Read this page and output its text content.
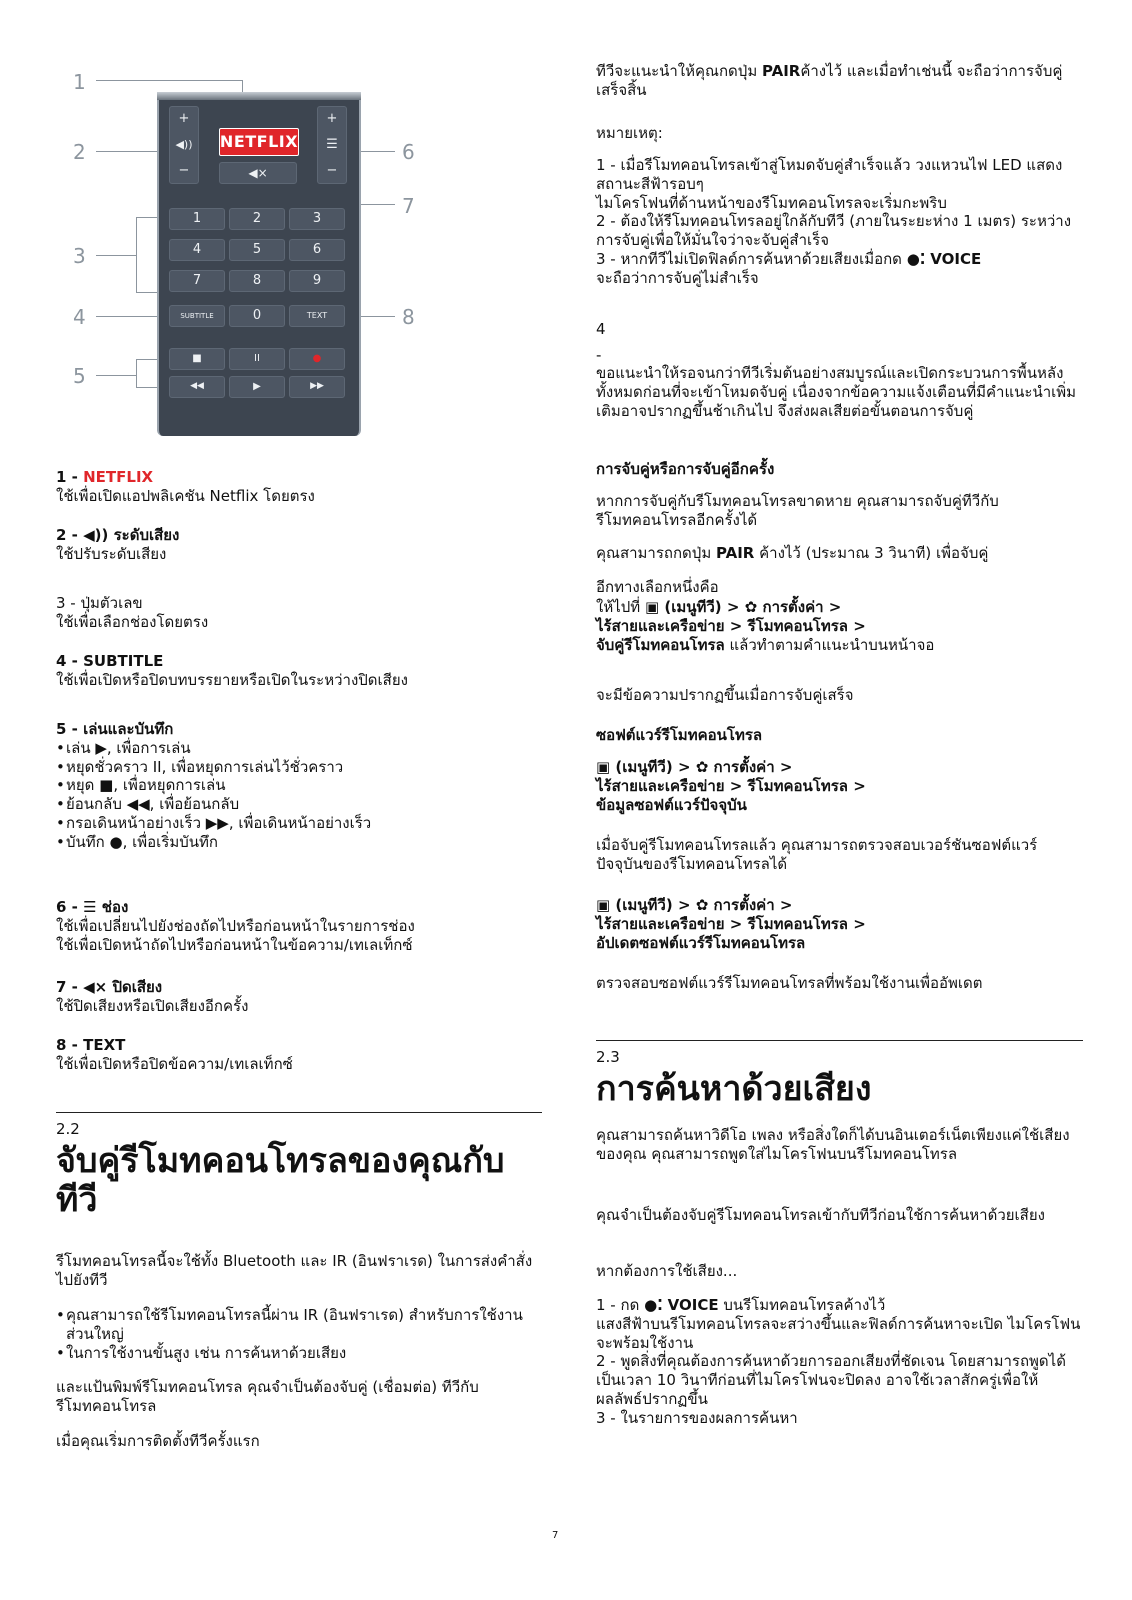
1
2
3
4
5
6
7
8
+
◀))
−
NETFLIX
◀×
+
☰
−
1	2	3
4	5	6
7	8	9
SUBTITLE	0	TEXT
■	II	●
◀◀	▶	▶▶

1 - NETFLIX

ใช้เพื่อเปิดแอปพลิเคชัน Netflix โดยตรง

2 - ◀)) ระดับเสียง

ใช้ปรับระดับเสียง

3 - ปุ่มตัวเลข

ใช้เพื่อเลือกช่องโดยตรง

4 - SUBTITLE

ใช้เพื่อเปิดหรือปิดบทบรรยายหรือเปิดในระหว่างปิดเสียง

5 - เล่นและบันทึก

• เล่น ▶, เพื่อการเล่น
• หยุดชั่วคราว II, เพื่อหยุดการเล่นไว้ชั่วคราว
• หยุด ■, เพื่อหยุดการเล่น
• ย้อนกลับ ◀◀, เพื่อย้อนกลับ
• กรอเดินหน้าอย่างเร็ว ▶▶, เพื่อเดินหน้าอย่างเร็ว
• บันทึก ●, เพื่อเริ่มบันทึก

6 - ☰ ช่อง

ใช้เพื่อเปลี่ยนไปยังช่องถัดไปหรือก่อนหน้าในรายการช่อง

ใช้เพื่อเปิดหน้าถัดไปหรือก่อนหน้าในข้อความ/เทเลเท็กซ์

7 - ◀× ปิดเสียง

ใช้ปิดเสียงหรือเปิดเสียงอีกครั้ง

8 - TEXT

ใช้เพื่อเปิดหรือปิดข้อความ/เทเลเท็กซ์

2.2
จับคู่รีโมทคอนโทรลของคุณกับทีวี
รีโมทคอนโทรลนี้จะใช้ทั้ง Bluetooth และ IR (อินฟราเรด) ในการส่งคำสั่งไปยังทีวี
• คุณสามารถใช้รีโมทคอนโทรลนี้ผ่าน IR (อินฟราเรด) สำหรับการใช้งานส่วนใหญ่
• ในการใช้งานขั้นสูง เช่น การค้นหาด้วยเสียง
และแป้นพิมพ์รีโมทคอนโทรล คุณจำเป็นต้องจับคู่ (เชื่อมต่อ) ทีวีกับรีโมทคอนโทรล
เมื่อคุณเริ่มการติดตั้งทีวีครั้งแรก
ทีวีจะแนะนำให้คุณกดปุ่ม PAIRค้างไว้ และเมื่อทำเช่นนี้ จะถือว่าการจับคู่เสร็จสิ้น
หมายเหตุ:

1 - เมื่อรีโมทคอนโทรลเข้าสู่โหมดจับคู่สำเร็จแล้ว วงแหวนไฟ LED แสดงสถานะสีฟ้ารอบๆ

ไมโครโฟนที่ด้านหน้าของรีโมทคอนโทรลจะเริ่มกะพริบ

2 - ต้องให้รีโมทคอนโทรลอยู่ใกล้กับทีวี (ภายในระยะห่าง 1 เมตร) ระหว่างการจับคู่เพื่อให้มั่นใจว่าจะจับคู่สำเร็จ

3 - หากทีวีไม่เปิดฟิลด์การค้นหาด้วยเสียงเมื่อกด ●⁚ VOICE

จะถือว่าการจับคู่ไม่สำเร็จ

4
-
ขอแนะนำให้รอจนกว่าทีวีเริ่มต้นอย่างสมบูรณ์และเปิดกระบวนการพื้นหลังทั้งหมดก่อนที่จะเข้าโหมดจับคู่ เนื่องจากข้อความแจ้งเตือนที่มีคำแนะนำเพิ่มเติมอาจปรากฏขึ้นช้าเกินไป จึงส่งผลเสียต่อขั้นตอนการจับคู่
การจับคู่หรือการจับคู่อีกครั้ง
หากการจับคู่กับรีโมทคอนโทรลขาดหาย คุณสามารถจับคู่ทีวีกับรีโมทคอนโทรลอีกครั้งได้
คุณสามารถกดปุ่ม PAIR ค้างไว้ (ประมาณ 3 วินาที) เพื่อจับคู่
อีกทางเลือกหนึ่งคือ

ให้ไปที่ ▣ (เมนูทีวี) > ✿ การตั้งค่า >

ไร้สายและเครือข่าย > รีโมทคอนโทรล >

จับคู่รีโมทคอนโทรล แล้วทำตามคำแนะนำบนหน้าจอ

จะมีข้อความปรากฏขึ้นเมื่อการจับคู่เสร็จ
ซอฟต์แวร์รีโมทคอนโทรล

▣ (เมนูทีวี) > ✿ การตั้งค่า >

ไร้สายและเครือข่าย > รีโมทคอนโทรล >

ข้อมูลซอฟต์แวร์ปัจจุบัน

เมื่อจับคู่รีโมทคอนโทรลแล้ว คุณสามารถตรวจสอบเวอร์ชันซอฟต์แวร์ปัจจุบันของรีโมทคอนโทรลได้

▣ (เมนูทีวี) > ✿ การตั้งค่า >

ไร้สายและเครือข่าย > รีโมทคอนโทรล >

อัปเดตซอฟต์แวร์รีโมทคอนโทรล

ตรวจสอบซอฟต์แวร์รีโมทคอนโทรลที่พร้อมใช้งานเพื่ออัพเดต
2.3
การค้นหาด้วยเสียง
คุณสามารถค้นหาวิดีโอ เพลง หรือสิ่งใดก็ได้บนอินเตอร์เน็ตเพียงแค่ใช้เสียงของคุณ คุณสามารถพูดใส่ไมโครโฟนบนรีโมทคอนโทรล
คุณจำเป็นต้องจับคู่รีโมทคอนโทรลเข้ากับทีวีก่อนใช้การค้นหาด้วยเสียง
หากต้องการใช้เสียง...

1 - กด ●⁚ VOICE บนรีโมทคอนโทรลค้างไว้

แสงสีฟ้าบนรีโมทคอนโทรลจะสว่างขึ้นและฟิลด์การค้นหาจะเปิด ไมโครโฟนจะพร้อมใช้งาน

2 - พูดสิ่งที่คุณต้องการค้นหาด้วยการออกเสียงที่ชัดเจน โดยสามารถพูดได้เป็นเวลา 10 วินาทีก่อนที่ไมโครโฟนจะปิดลง อาจใช้เวลาสักครู่เพื่อให้ผลลัพธ์ปรากฏขึ้น

3 - ในรายการของผลการค้นหา

7
